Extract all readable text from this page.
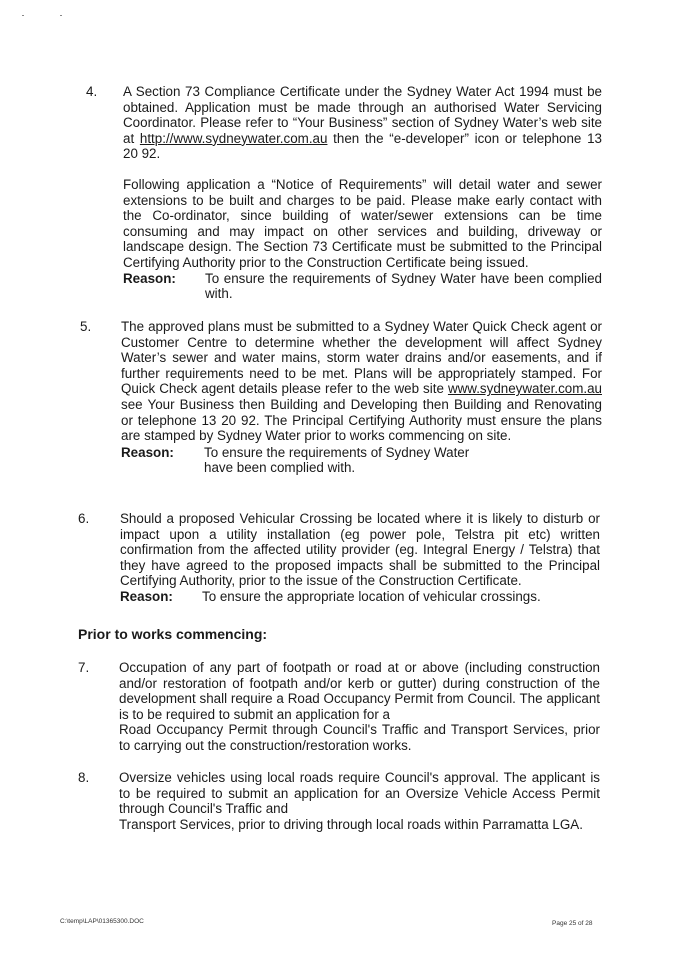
4.	A Section 73 Compliance Certificate under the Sydney Water Act 1994 must be obtained. Application must be made through an authorised Water Servicing Coordinator. Please refer to “Your Business” section of Sydney Water’s web site at http://www.sydneywater.com.au then the “e-developer” icon or telephone 13 20 92.

Following application a “Notice of Requirements” will detail water and sewer extensions to be built and charges to be paid. Please make early contact with the Co-ordinator, since building of water/sewer extensions can be time consuming and may impact on other services and building, driveway or landscape design. The Section 73 Certificate must be submitted to the Principal Certifying Authority prior to the Construction Certificate being issued.

Reason:	To ensure the requirements of Sydney Water have been complied with.
5.	The approved plans must be submitted to a Sydney Water Quick Check agent or Customer Centre to determine whether the development will affect Sydney Water’s sewer and water mains, storm water drains and/or easements, and if further requirements need to be met. Plans will be appropriately stamped. For Quick Check agent details please refer to the web site www.sydneywater.com.au see Your Business then Building and Developing then Building and Renovating or telephone 13 20 92. The Principal Certifying Authority must ensure the plans are stamped by Sydney Water prior to works commencing on site.

Reason:	To ensure the requirements of Sydney Water have been complied with.
6.	Should a proposed Vehicular Crossing be located where it is likely to disturb or impact upon a utility installation (eg power pole, Telstra pit etc) written confirmation from the affected utility provider (eg. Integral Energy / Telstra) that they have agreed to the proposed impacts shall be submitted to the Principal Certifying Authority, prior to the issue of the Construction Certificate.

Reason:	To ensure the appropriate location of vehicular crossings.
Prior to works commencing:
7.	Occupation of any part of footpath or road at or above (including construction and/or restoration of footpath and/or kerb or gutter) during construction of the development shall require a Road Occupancy Permit from Council. The applicant is to be required to submit an application for a

Road Occupancy Permit through Council's Traffic and Transport Services, prior to carrying out the construction/restoration works.

8.	Oversize vehicles using local roads require Council's approval. The applicant is to be required to submit an application for an Oversize Vehicle Access Permit through Council's Traffic and

Transport Services, prior to driving through local roads within Parramatta LGA.

C:\temp\LAP\01365300.DOC	Page 25 of 28
